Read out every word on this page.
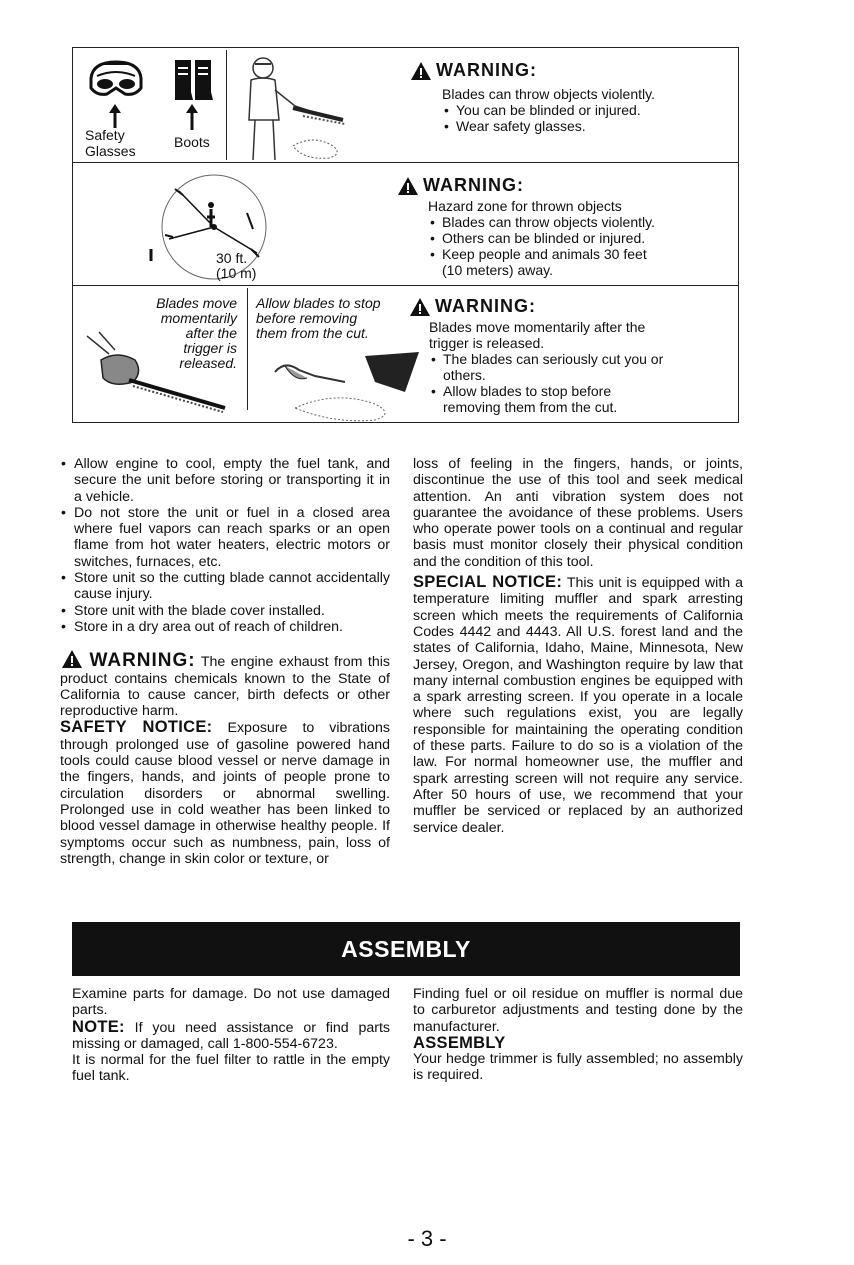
Safety
Glasses
Boots
WARNING:
Blades can throw objects violently.
• You can be blinded or injured.
• Wear safety glasses.
30 ft.
(10 m)
WARNING:
Hazard zone for thrown objects
• Blades can throw objects violently.
• Others can be blinded or injured.
• Keep people and animals 30 feet
(10 meters) away.
Blades move
momentarily
after the
trigger is
released.
Allow blades to stop
before removing
them from the cut.
WARNING:
Blades move momentarily after the
trigger is released.
• The blades can seriously cut you or
others.
• Allow blades to stop before
removing them from the cut.
• Allow engine to cool, empty the fuel tank, and secure the unit before storing or transporting it in a vehicle.
• Do not store the unit or fuel in a closed area where fuel vapors can reach sparks or an open flame from hot water heaters, electric motors or switches, furnaces, etc.
• Store unit so the cutting blade cannot accidentally cause injury.
• Store unit with the blade cover installed.
• Store in a dry area out of reach of children.

WARNING: The engine exhaust from this product contains chemicals known to the State of California to cause cancer, birth defects or other reproductive harm.

SAFETY NOTICE: Exposure to vibrations through prolonged use of gasoline powered hand tools could cause blood vessel or nerve damage in the fingers, hands, and joints of people prone to circulation disorders or abnormal swelling. Prolonged use in cold weather has been linked to blood vessel damage in otherwise healthy people. If symptoms occur such as numbness, pain, loss of strength, change in skin color or texture, or

loss of feeling in the fingers, hands, or joints, discontinue the use of this tool and seek medical attention. An anti vibration system does not guarantee the avoidance of these problems. Users who operate power tools on a continual and regular basis must monitor closely their physical condition and the condition of this tool.

SPECIAL NOTICE: This unit is equipped with a temperature limiting muffler and spark arresting screen which meets the requirements of California Codes 4442 and 4443. All U.S. forest land and the states of California, Idaho, Maine, Minnesota, New Jersey, Oregon, and Washington require by law that many internal combustion engines be equipped with a spark arresting screen. If you operate in a locale where such regulations exist, you are legally responsible for maintaining the operating condition of these parts. Failure to do so is a violation of the law. For normal homeowner use, the muffler and spark arresting screen will not require any service. After 50 hours of use, we recommend that your muffler be serviced or replaced by an authorized service dealer.

ASSEMBLY

Examine parts for damage. Do not use damaged parts.

NOTE: If you need assistance or find parts missing or damaged, call 1-800-554-6723.

It is normal for the fuel filter to rattle in the empty fuel tank.

Finding fuel or oil residue on muffler is normal due to carburetor adjustments and testing done by the manufacturer.

ASSEMBLY

Your hedge trimmer is fully assembled; no assembly is required.

- 3 -
